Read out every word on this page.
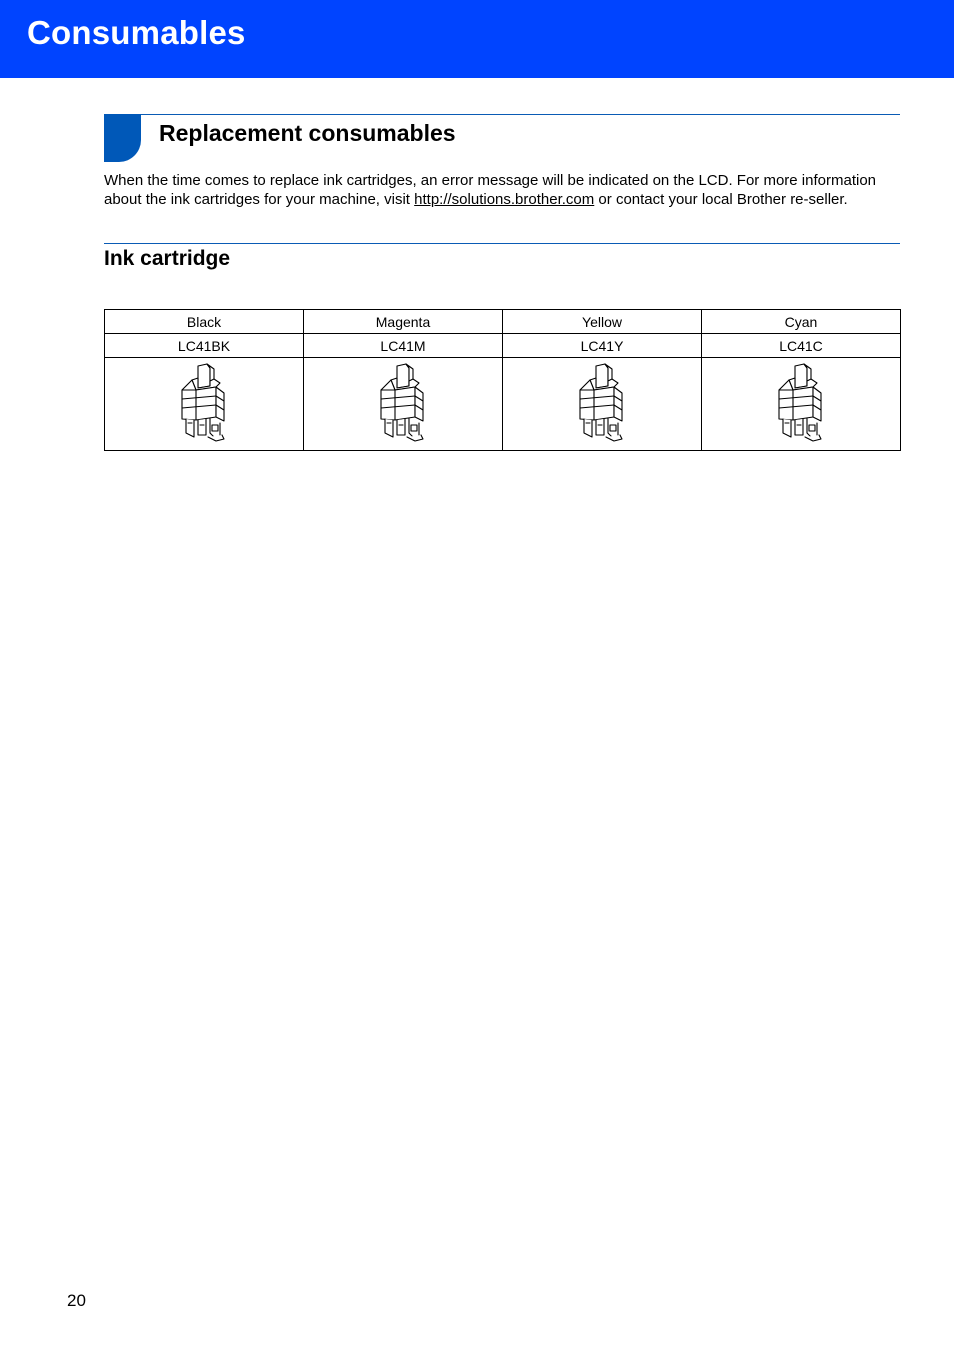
Consumables
Replacement consumables
When the time comes to replace ink cartridges, an error message will be indicated on the LCD. For more information about the ink cartridges for your machine, visit http://solutions.brother.com or contact your local Brother re-seller.
Ink cartridge
Black	Magenta	Yellow	Cyan
LC41BK	LC41M	LC41Y	LC41C

20
